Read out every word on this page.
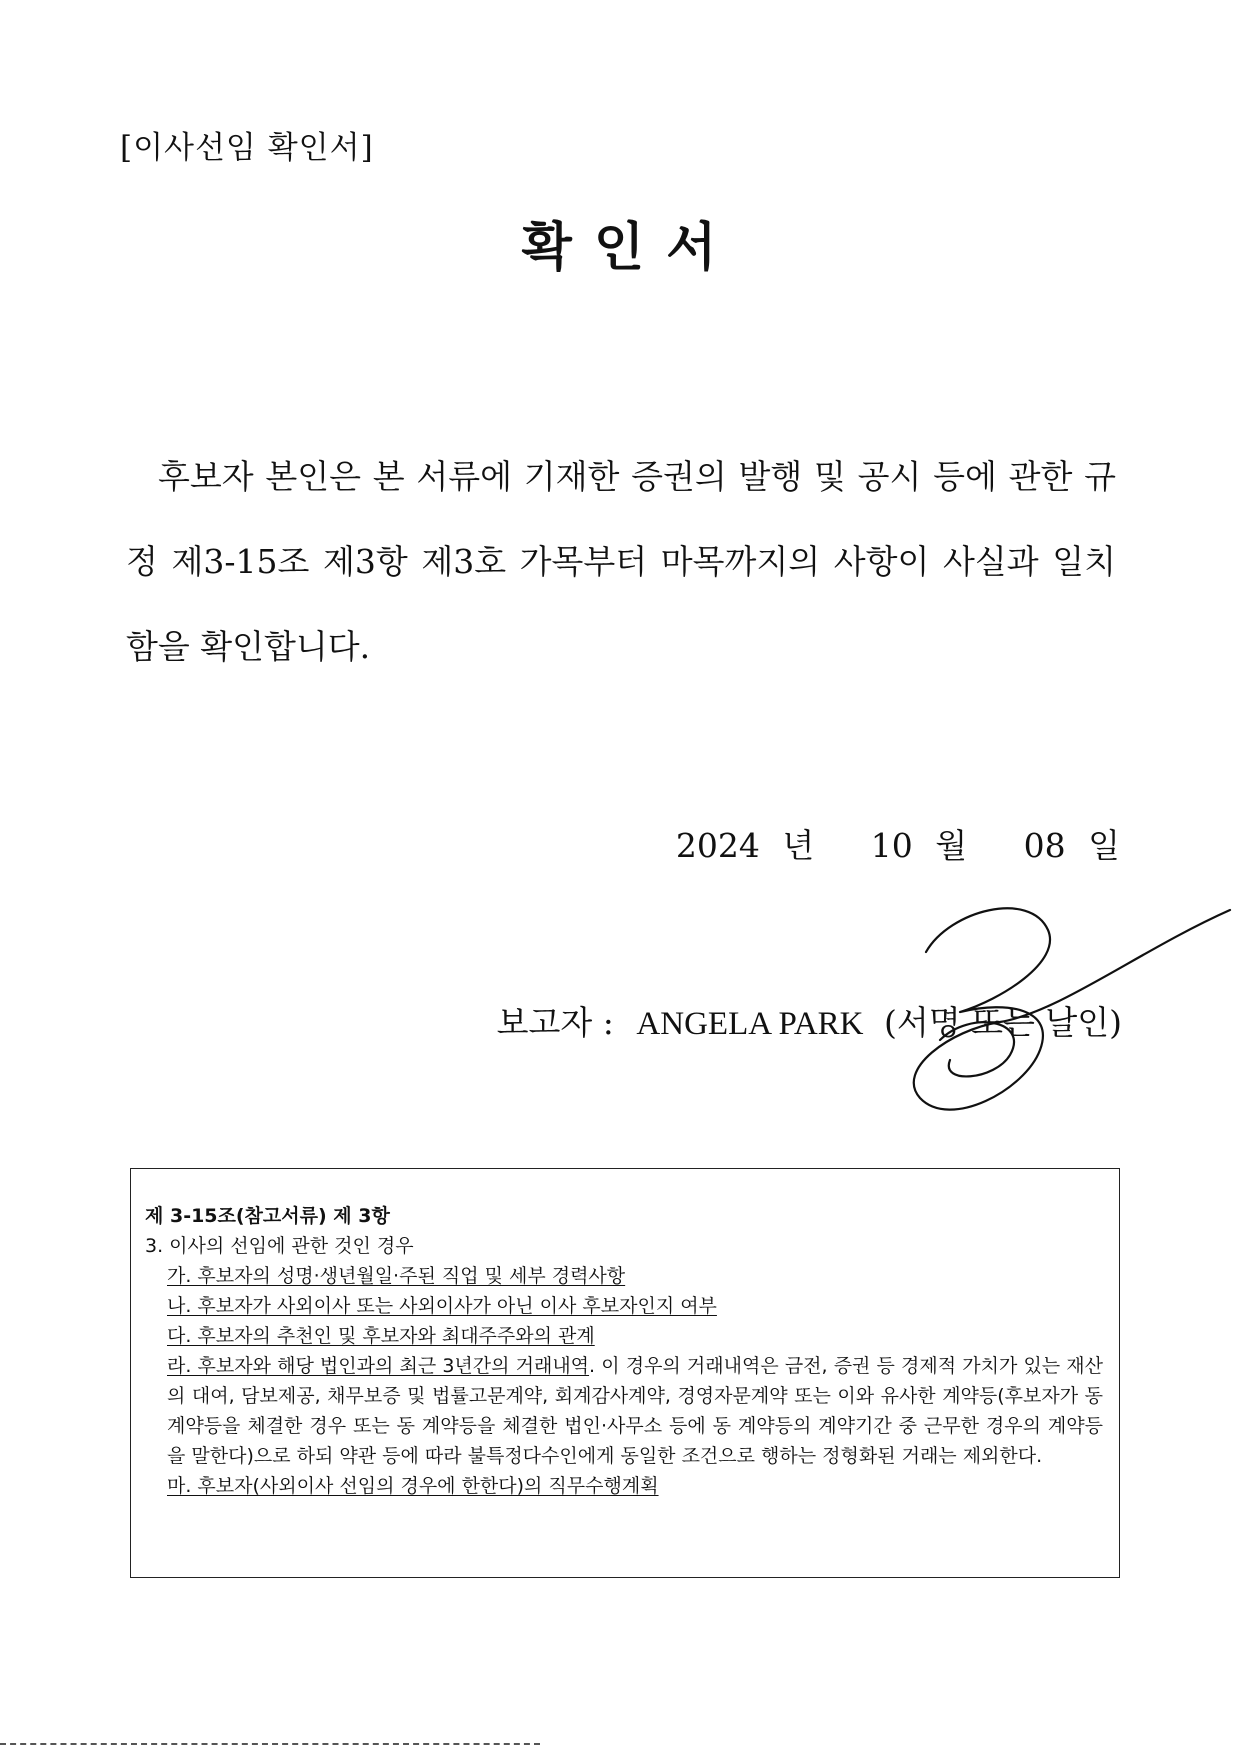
[이사선임 확인서]
확인서

후보자 본인은 본 서류에 기재한 증권의 발행 및 공시 등에 관한 규정 제3-15조 제3항 제3호 가목부터 마목까지의 사항이 사실과 일치함을 확인합니다.

2024 년 10 월 08 일
보고자 : ANGELA PARK (서명 또는 날인)

제 3-15조(참고서류) 제 3항

3. 이사의 선임에 관한 것인 경우

가. 후보자의 성명·생년월일·주된 직업 및 세부 경력사항

나. 후보자가 사외이사 또는 사외이사가 아닌 이사 후보자인지 여부

다. 후보자의 추천인 및 후보자와 최대주주와의 관계

라. 후보자와 해당 법인과의 최근 3년간의 거래내역. 이 경우의 거래내역은 금전, 증권 등 경제적 가치가 있는 재산의 대여, 담보제공, 채무보증 및 법률고문계약, 회계감사계약, 경영자문계약 또는 이와 유사한 계약등(후보자가 동 계약등을 체결한 경우 또는 동 계약등을 체결한 법인·사무소 등에 동 계약등의 계약기간 중 근무한 경우의 계약등을 말한다)으로 하되 약관 등에 따라 불특정다수인에게 동일한 조건으로 행하는 정형화된 거래는 제외한다.

마. 후보자(사외이사 선임의 경우에 한한다)의 직무수행계획
